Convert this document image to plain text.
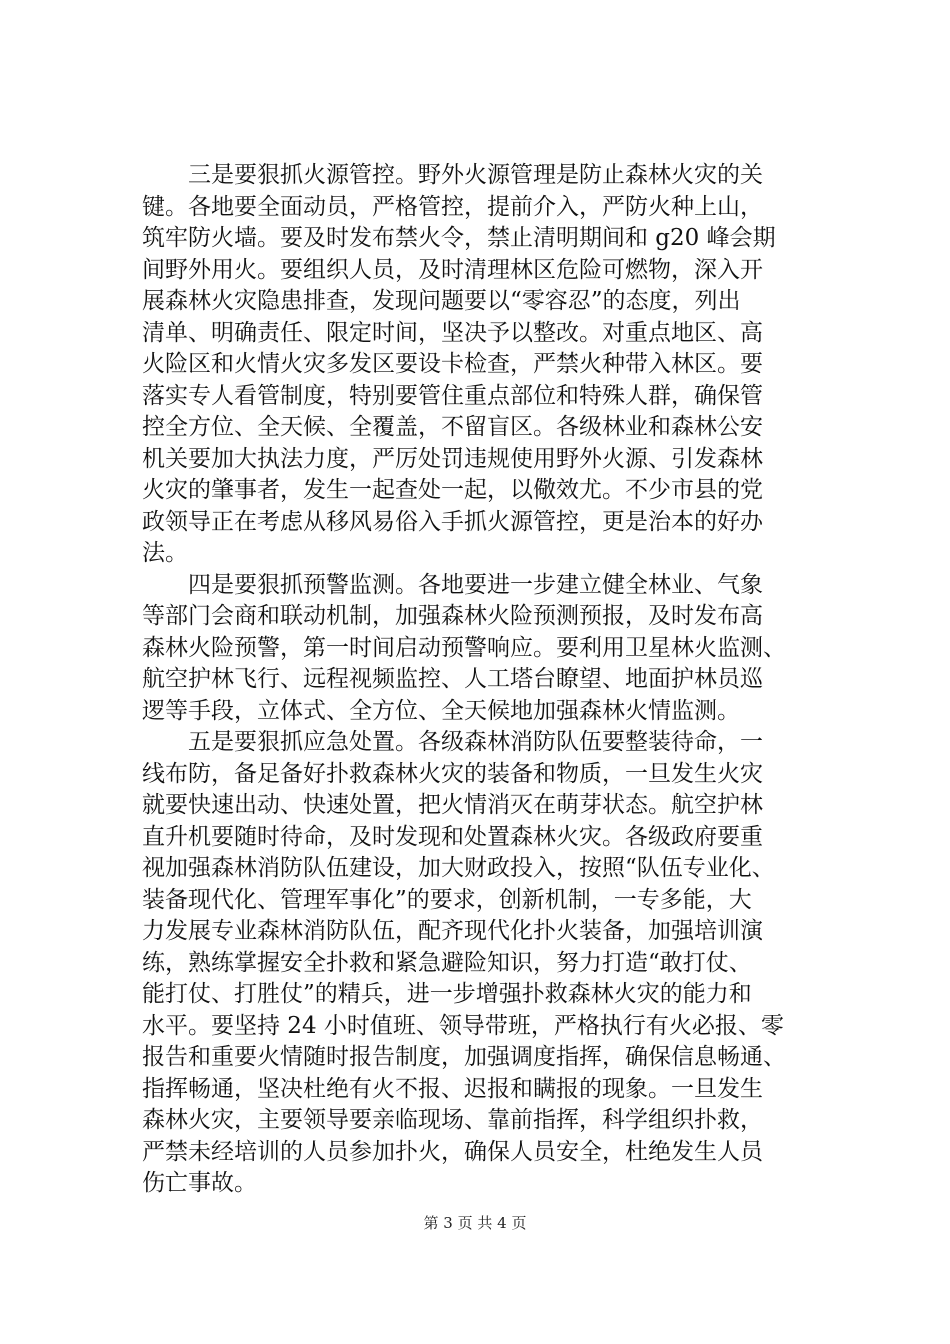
　　三是要狠抓火源管控。野外火源管理是防止森林火灾的关
键。各地要全面动员，严格管控，提前介入，严防火种上山，
筑牢防火墙。要及时发布禁火令，禁止清明期间和 g20 峰会期
间野外用火。要组织人员，及时清理林区危险可燃物，深入开
展森林火灾隐患排查，发现问题要以“零容忍”的态度，列出
清单、明确责任、限定时间，坚决予以整改。对重点地区、高
火险区和火情火灾多发区要设卡检查，严禁火种带入林区。要
落实专人看管制度，特别要管住重点部位和特殊人群，确保管
控全方位、全天候、全覆盖，不留盲区。各级林业和森林公安
机关要加大执法力度，严厉处罚违规使用野外火源、引发森林
火灾的肇事者，发生一起查处一起，以儆效尤。不少市县的党
政领导正在考虑从移风易俗入手抓火源管控，更是治本的好办
法。
　　四是要狠抓预警监测。各地要进一步建立健全林业、气象
等部门会商和联动机制，加强森林火险预测预报，及时发布高
森林火险预警，第一时间启动预警响应。要利用卫星林火监测、
航空护林飞行、远程视频监控、人工塔台瞭望、地面护林员巡
逻等手段，立体式、全方位、全天候地加强森林火情监测。
　　五是要狠抓应急处置。各级森林消防队伍要整装待命，一
线布防，备足备好扑救森林火灾的装备和物质，一旦发生火灾
就要快速出动、快速处置，把火情消灭在萌芽状态。航空护林
直升机要随时待命，及时发现和处置森林火灾。各级政府要重
视加强森林消防队伍建设，加大财政投入，按照“队伍专业化、
装备现代化、管理军事化”的要求，创新机制，一专多能，大
力发展专业森林消防队伍，配齐现代化扑火装备，加强培训演
练，熟练掌握安全扑救和紧急避险知识，努力打造“敢打仗、
能打仗、打胜仗”的精兵，进一步增强扑救森林火灾的能力和
水平。要坚持 24 小时值班、领导带班，严格执行有火必报、零
报告和重要火情随时报告制度，加强调度指挥，确保信息畅通、
指挥畅通，坚决杜绝有火不报、迟报和瞒报的现象。一旦发生
森林火灾，主要领导要亲临现场、靠前指挥，科学组织扑救，
严禁未经培训的人员参加扑火，确保人员安全，杜绝发生人员
伤亡事故。
第 3 页 共 4 页
